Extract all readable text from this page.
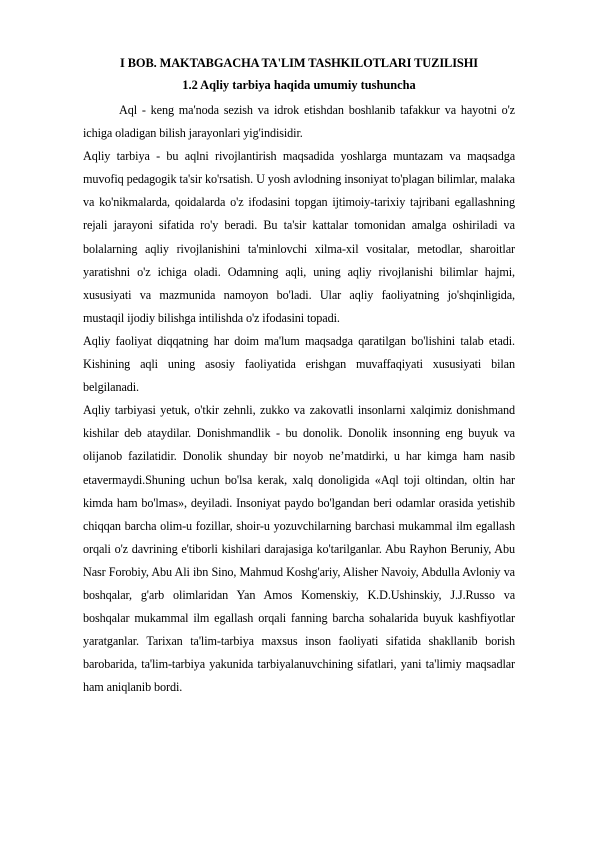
I BOB. MAKTABGACHA TA'LIM TASHKILOTLARI TUZILISHI
1.2 Aqliy tarbiya haqida umumiy tushuncha

Aql - keng ma'noda sezish va idrok etishdan boshlanib tafakkur va hayotni o'z ichiga oladigan bilish jarayonlari yig'indisidir.

Aqliy tarbiya - bu aqlni rivojlantirish maqsadida yoshlarga muntazam va maqsadga muvofiq pedagogik ta'sir ko'rsatish. U yosh avlodning insoniyat to'plagan bilimlar, malaka va ko'nikmalarda, qoidalarda o'z ifodasini topgan ijtimoiy-tarixiy tajribani egallashning rejali jarayoni sifatida ro'y beradi. Bu ta'sir kattalar tomonidan amalga oshiriladi va bolalarning aqliy rivojlanishini ta'minlovchi xilma-xil vositalar, metodlar, sharoitlar yaratishni o'z ichiga oladi. Odamning aqli, uning aqliy rivojlanishi bilimlar hajmi, xususiyati va mazmunida namoyon bo'ladi. Ular aqliy faoliyatning jo'shqinligida, mustaqil ijodiy bilishga intilishda o'z ifodasini topadi.

Aqliy faoliyat diqqatning har doim ma'lum maqsadga qaratilgan bo'lishini talab etadi. Kishining aqli uning asosiy faoliyatida erishgan muvaffaqiyati xususiyati bilan belgilanadi.

Aqliy tarbiyasi yetuk, o'tkir zehnli, zukko va zakovatli insonlarni xalqimiz donishmand kishilar deb ataydilar. Donishmandlik - bu donolik. Donolik insonning eng buyuk va olijanob fazilatidir. Donolik shunday bir noyob ne’matdirki, u har kimga ham nasib etavermaydi.Shuning uchun bo'lsa kerak, xalq donoligida «Aql toji oltindan, oltin har kimda ham bo'lmas», deyiladi. Insoniyat paydo bo'lgandan beri odamlar orasida yetishib chiqqan barcha olim-u fozillar, shoir-u yozuvchilarning barchasi mukammal ilm egallash orqali o'z davrining e'tiborli kishilari darajasiga ko'tarilganlar. Abu Rayhon Beruniy, Abu Nasr Forobiy, Abu Ali ibn Sino, Mahmud Koshg'ariy, Alisher Navoiy, Abdulla Avloniy va boshqalar, g'arb olimlaridan Yan Amos Komenskiy, K.D.Ushinskiy, J.J.Russo va boshqalar mukammal ilm egallash orqali fanning barcha sohalarida buyuk kashfiyotlar yaratganlar. Tarixan ta'lim-tarbiya maxsus inson faoliyati sifatida shakllanib borish barobarida, ta'lim-tarbiya yakunida tarbiyalanuvchining sifatlari, yani ta'limiy maqsadlar ham aniqlanib bordi.
